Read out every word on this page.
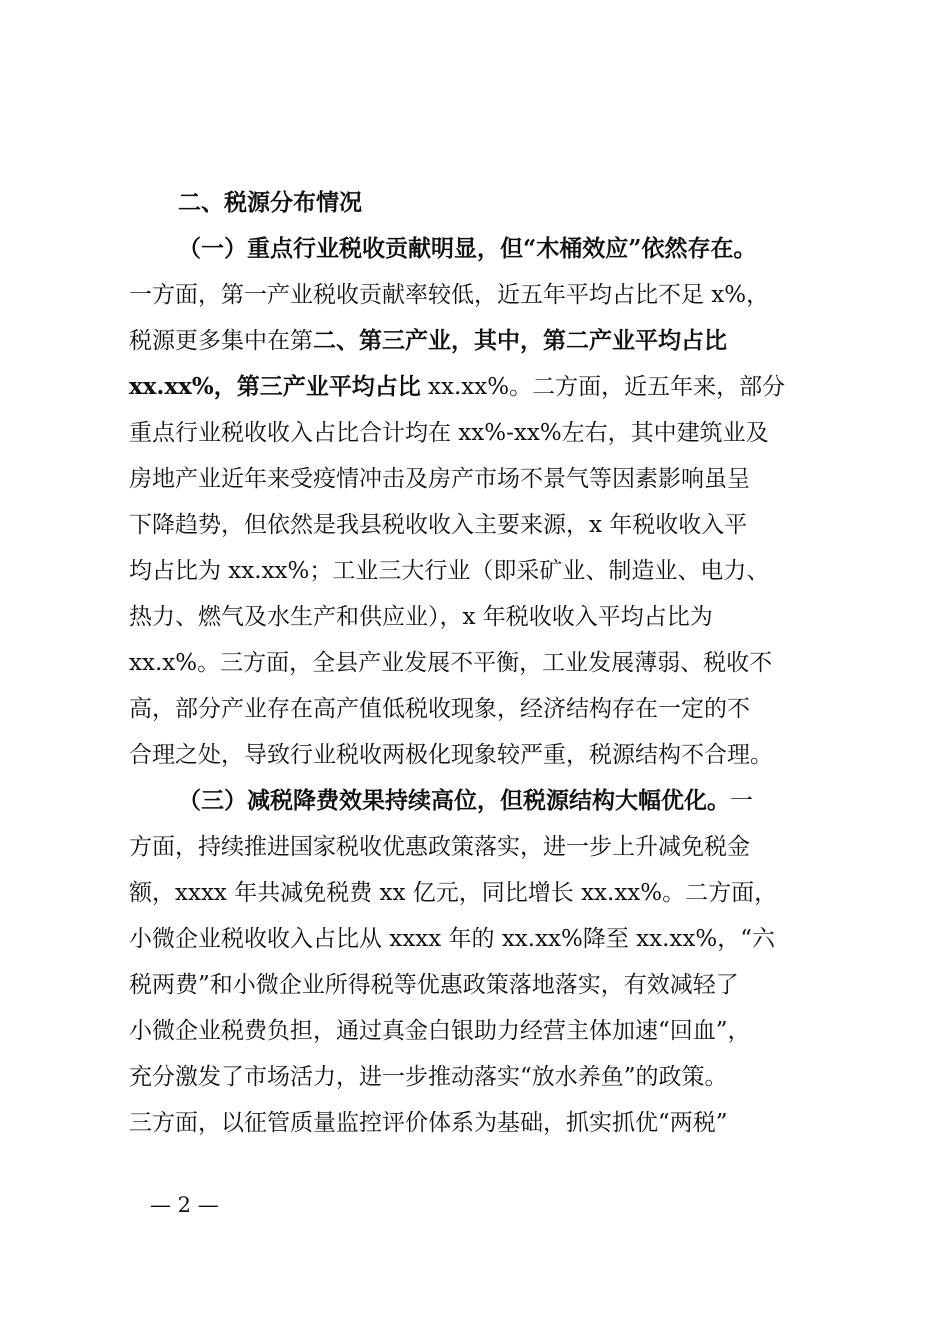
二、税源分布情况
（一）重点行业税收贡献明显，但“木桶效应”依然存在。
一方面，第一产业税收贡献率较低，近五年平均占比不足 x%，
税源更多集中在第二、第三产业，其中，第二产业平均占比
xx.xx%，第三产业平均占比 xx.xx%。二方面，近五年来，部分
重点行业税收收入占比合计均在 xx%-xx%左右，其中建筑业及
房地产业近年来受疫情冲击及房产市场不景气等因素影响虽呈
下降趋势，但依然是我县税收收入主要来源，x 年税收收入平
均占比为 xx.xx%；工业三大行业（即采矿业、制造业、电力、
热力、燃气及水生产和供应业），x 年税收收入平均占比为
xx.x%。三方面，全县产业发展不平衡，工业发展薄弱、税收不
高，部分产业存在高产值低税收现象，经济结构存在一定的不
合理之处，导致行业税收两极化现象较严重，税源结构不合理。
（三）减税降费效果持续高位，但税源结构大幅优化。一
方面，持续推进国家税收优惠政策落实，进一步上升减免税金
额，xxxx 年共减免税费 xx 亿元，同比增长 xx.xx%。二方面，
小微企业税收收入占比从 xxxx 年的 xx.xx%降至 xx.xx%，“六
税两费”和小微企业所得税等优惠政策落地落实，有效减轻了
小微企业税费负担，通过真金白银助力经营主体加速“回血”，
充分激发了市场活力，进一步推动落实“放水养鱼”的政策。
三方面，以征管质量监控评价体系为基础，抓实抓优“两税”
— 2 —
